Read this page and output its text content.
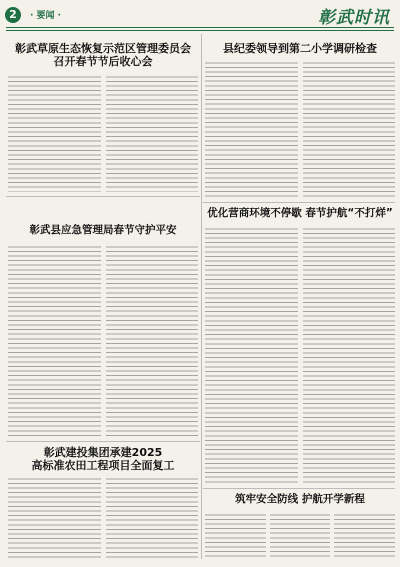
2	· 要闻 ·	彰武时讯
彰武草原生态恢复示范区管理委员会
召开春节节后收心会
彰武县应急管理局春节守护平安
彰武建投集团承建2025
高标准农田工程项目全面复工
县纪委领导到第二小学调研检查
优化营商环境不停歇 春节护航“不打烊”
筑牢安全防线 护航开学新程
